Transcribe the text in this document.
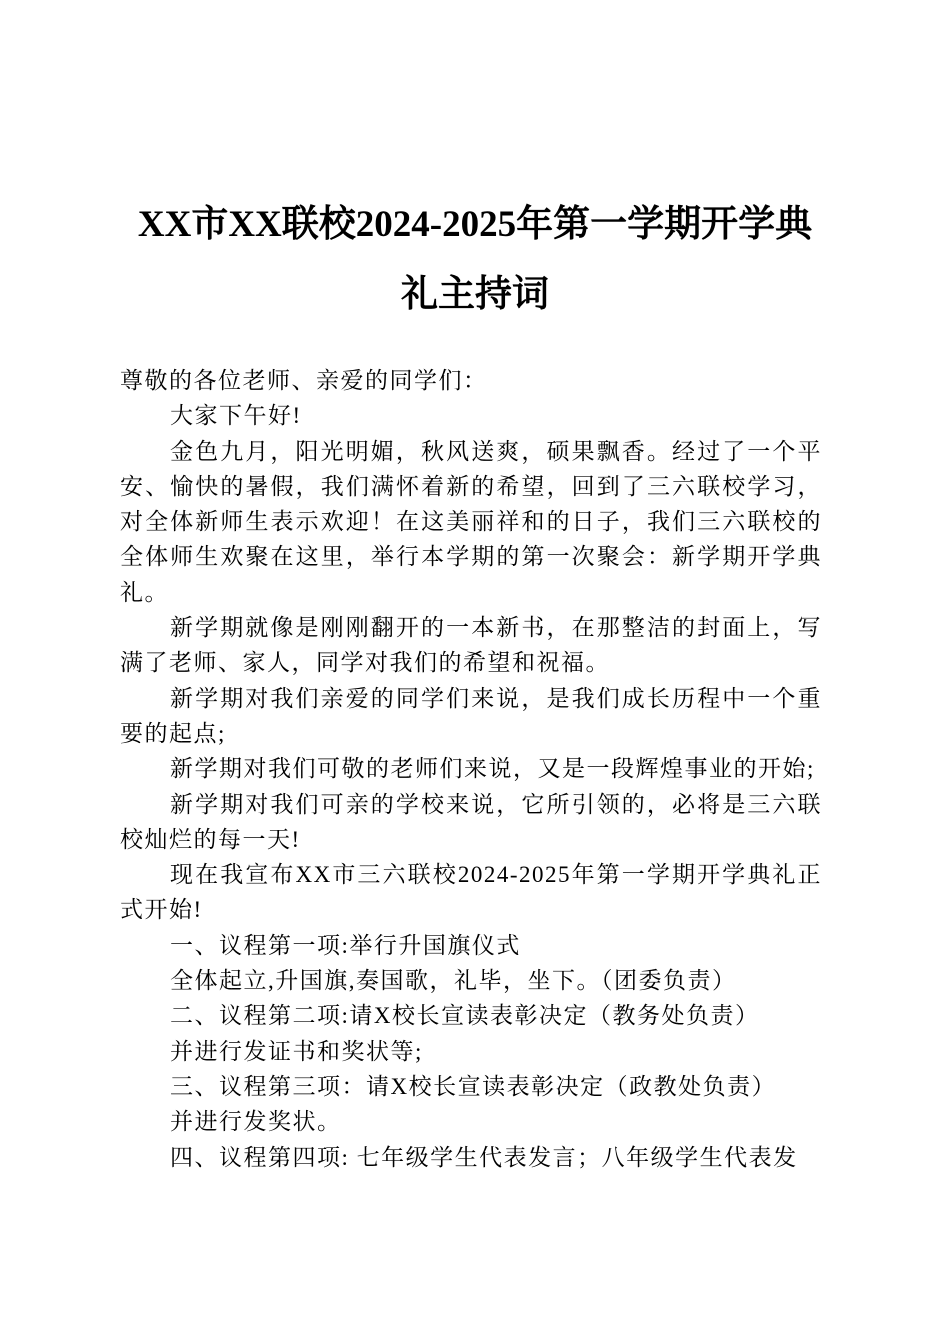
XX市XX联校2024-2025年第一学期开学典
礼主持词

尊敬的各位老师、亲爱的同学们：

大家下午好!

金色九月，阳光明媚，秋风送爽，硕果飘香。经过了一个平安、愉快的暑假，我们满怀着新的希望，回到了三六联校学习，对全体新师生表示欢迎！在这美丽祥和的日子，我们三六联校的全体师生欢聚在这里，举行本学期的第一次聚会：新学期开学典礼。

新学期就像是刚刚翻开的一本新书，在那整洁的封面上，写满了老师、家人，同学对我们的希望和祝福。

新学期对我们亲爱的同学们来说，是我们成长历程中一个重要的起点;

新学期对我们可敬的老师们来说，又是一段辉煌事业的开始;

新学期对我们可亲的学校来说，它所引领的，必将是三六联校灿烂的每一天!

现在我宣布XX市三六联校2024-2025年第一学期开学典礼正式开始!

一、议程第一项:举行升国旗仪式

全体起立,升国旗,奏国歌，礼毕，坐下。（团委负责）

二、议程第二项:请X校长宣读表彰决定（教务处负责）

并进行发证书和奖状等;

三、议程第三项：请X校长宣读表彰决定（政教处负责）

并进行发奖状。

四、议程第四项: 七年级学生代表发言；八年级学生代表发
